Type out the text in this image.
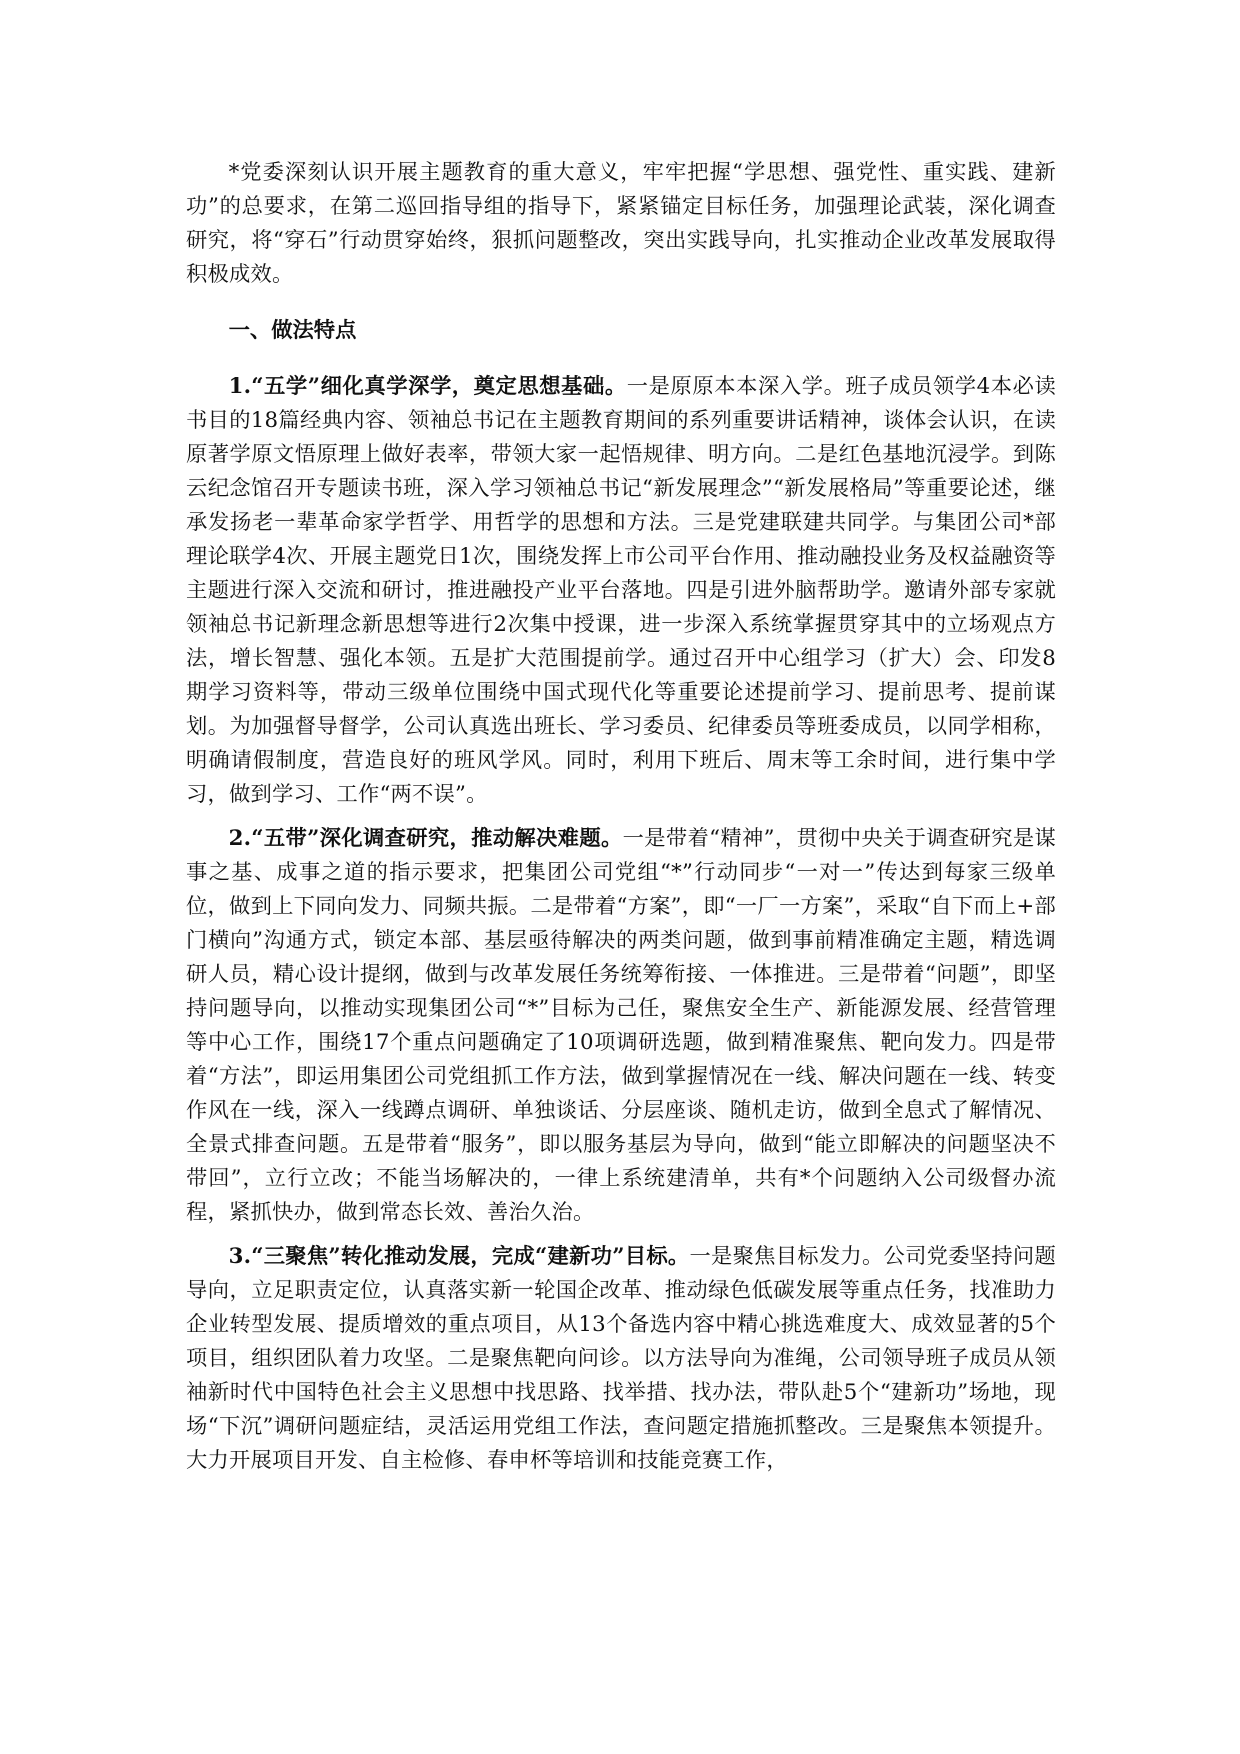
*党委深刻认识开展主题教育的重大意义，牢牢把握“学思想、强党性、重实践、建新功”的总要求，在第二巡回指导组的指导下，紧紧锚定目标任务，加强理论武装，深化调查研究，将“穿石”行动贯穿始终，狠抓问题整改，突出实践导向，扎实推动企业改革发展取得积极成效。

一、做法特点

1.“五学”细化真学深学，奠定思想基础。一是原原本本深入学。班子成员领学4本必读书目的18篇经典内容、领袖总书记在主题教育期间的系列重要讲话精神，谈体会认识，在读原著学原文悟原理上做好表率，带领大家一起悟规律、明方向。二是红色基地沉浸学。到陈云纪念馆召开专题读书班，深入学习领袖总书记“新发展理念”“新发展格局”等重要论述，继承发扬老一辈革命家学哲学、用哲学的思想和方法。三是党建联建共同学。与集团公司*部理论联学4次、开展主题党日1次，围绕发挥上市公司平台作用、推动融投业务及权益融资等主题进行深入交流和研讨，推进融投产业平台落地。四是引进外脑帮助学。邀请外部专家就领袖总书记新理念新思想等进行2次集中授课，进一步深入系统掌握贯穿其中的立场观点方法，增长智慧、强化本领。五是扩大范围提前学。通过召开中心组学习（扩大）会、印发8期学习资料等，带动三级单位围绕中国式现代化等重要论述提前学习、提前思考、提前谋划。为加强督导督学，公司认真选出班长、学习委员、纪律委员等班委成员，以同学相称，明确请假制度，营造良好的班风学风。同时，利用下班后、周末等工余时间，进行集中学习，做到学习、工作“两不误”。

2.“五带”深化调查研究，推动解决难题。一是带着“精神”，贯彻中央关于调查研究是谋事之基、成事之道的指示要求，把集团公司党组“*”行动同步“一对一”传达到每家三级单位，做到上下同向发力、同频共振。二是带着“方案”，即“一厂一方案”，采取“自下而上+部门横向”沟通方式，锁定本部、基层亟待解决的两类问题，做到事前精准确定主题，精选调研人员，精心设计提纲，做到与改革发展任务统筹衔接、一体推进。三是带着“问题”，即坚持问题导向，以推动实现集团公司“*”目标为己任，聚焦安全生产、新能源发展、经营管理等中心工作，围绕17个重点问题确定了10项调研选题，做到精准聚焦、靶向发力。四是带着“方法”，即运用集团公司党组抓工作方法，做到掌握情况在一线、解决问题在一线、转变作风在一线，深入一线蹲点调研、单独谈话、分层座谈、随机走访，做到全息式了解情况、全景式排查问题。五是带着“服务”，即以服务基层为导向，做到“能立即解决的问题坚决不带回”，立行立改；不能当场解决的，一律上系统建清单，共有*个问题纳入公司级督办流程，紧抓快办，做到常态长效、善治久治。

3.“三聚焦”转化推动发展，完成“建新功”目标。一是聚焦目标发力。公司党委坚持问题导向，立足职责定位，认真落实新一轮国企改革、推动绿色低碳发展等重点任务，找准助力企业转型发展、提质增效的重点项目，从13个备选内容中精心挑选难度大、成效显著的5个项目，组织团队着力攻坚。二是聚焦靶向问诊。以方法导向为准绳，公司领导班子成员从领袖新时代中国特色社会主义思想中找思路、找举措、找办法，带队赴5个“建新功”场地，现场“下沉”调研问题症结，灵活运用党组工作法，查问题定措施抓整改。三是聚焦本领提升。大力开展项目开发、自主检修、春申杯等培训和技能竞赛工作，
